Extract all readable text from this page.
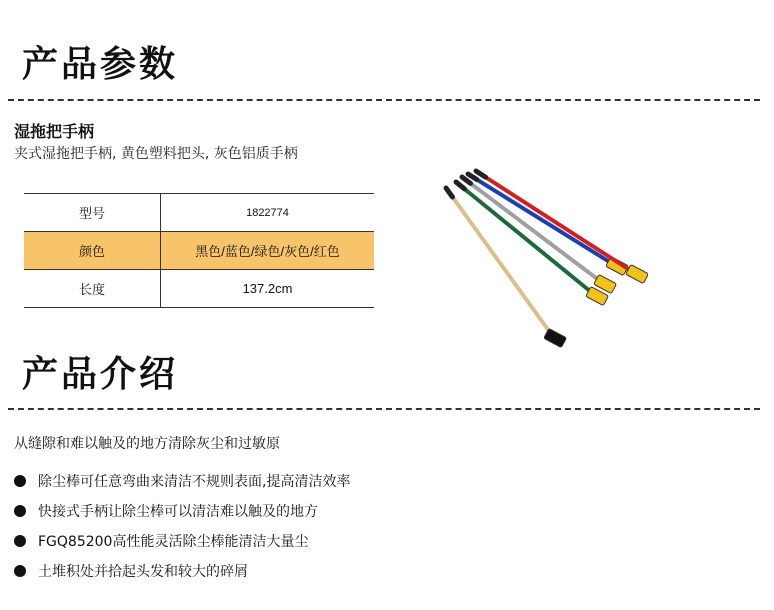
产品参数
湿拖把手柄
夹式湿拖把手柄, 黄色塑料把头, 灰色铝质手柄
型号	1822774
颜色	黑色/蓝色/绿色/灰色/红色
长度	137.2cm
产品介绍
从缝隙和难以触及的地方清除灰尘和过敏原
除尘棒可任意弯曲来清洁不规则表面,提高清洁效率
快接式手柄让除尘棒可以清洁难以触及的地方
FGQ85200高性能灵活除尘棒能清洁大量尘
土堆积处并拾起头发和较大的碎屑
